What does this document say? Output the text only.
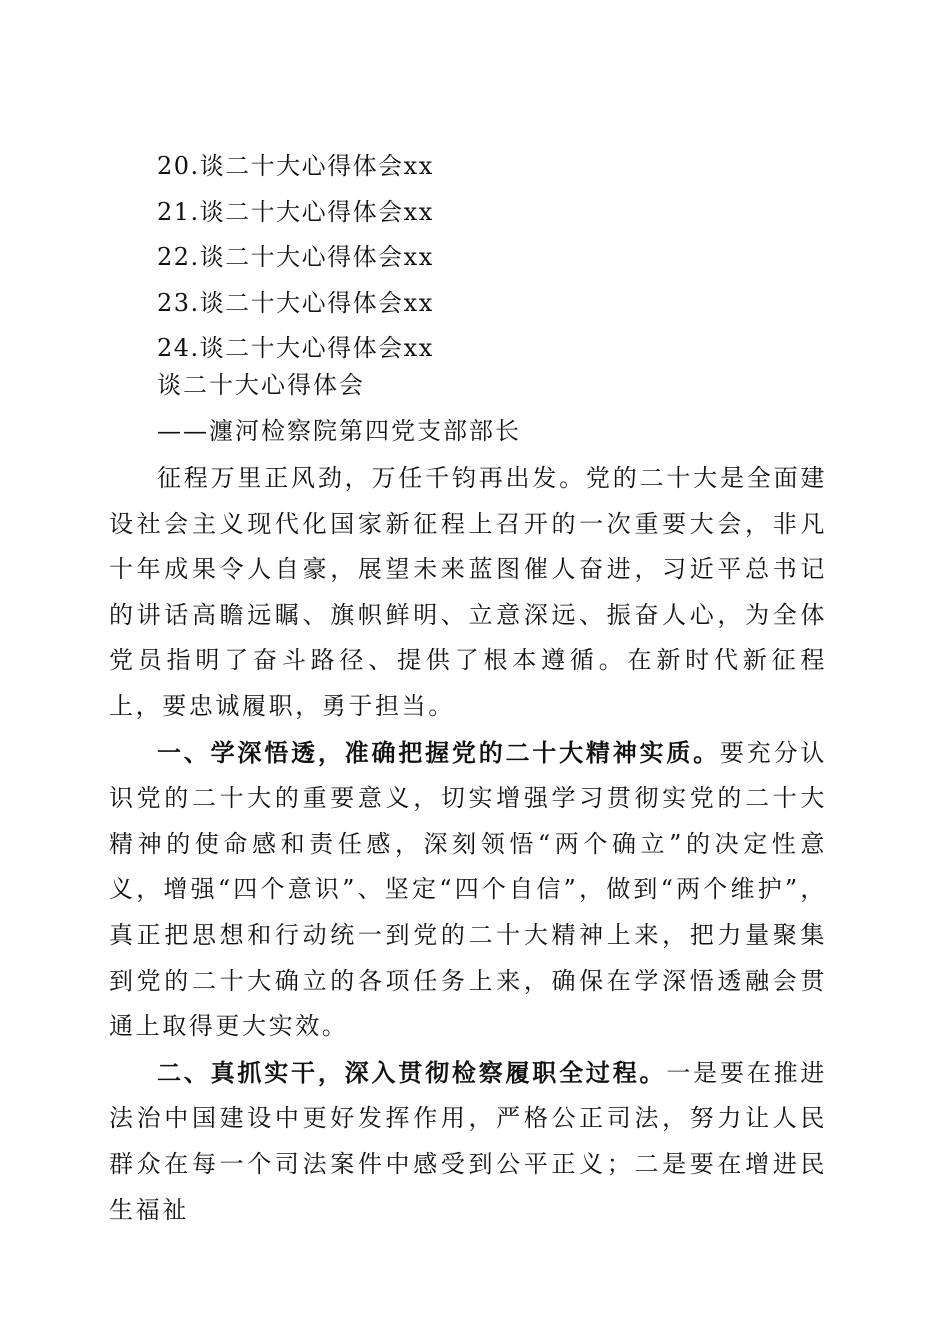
20.谈二十大心得体会xx
21.谈二十大心得体会xx
22.谈二十大心得体会xx
23.谈二十大心得体会xx
24.谈二十大心得体会xx
谈二十大心得体会
——瀍河检察院第四党支部部长

征程万里正风劲，万任千钧再出发。党的二十大是全面建设社会主义现代化国家新征程上召开的一次重要大会，非凡十年成果令人自豪，展望未来蓝图催人奋进，习近平总书记的讲话高瞻远瞩、旗帜鲜明、立意深远、振奋人心，为全体党员指明了奋斗路径、提供了根本遵循。在新时代新征程上，要忠诚履职，勇于担当。

一、学深悟透，准确把握党的二十大精神实质。要充分认识党的二十大的重要意义，切实增强学习贯彻实党的二十大精神的使命感和责任感，深刻领悟“两个确立”的决定性意义，增强“四个意识”、坚定“四个自信”，做到“两个维护”，真正把思想和行动统一到党的二十大精神上来，把力量聚集到党的二十大确立的各项任务上来，确保在学深悟透融会贯通上取得更大实效。

二、真抓实干，深入贯彻检察履职全过程。一是要在推进法治中国建设中更好发挥作用，严格公正司法，努力让人民群众在每一个司法案件中感受到公平正义；二是要在增进民生福祉
